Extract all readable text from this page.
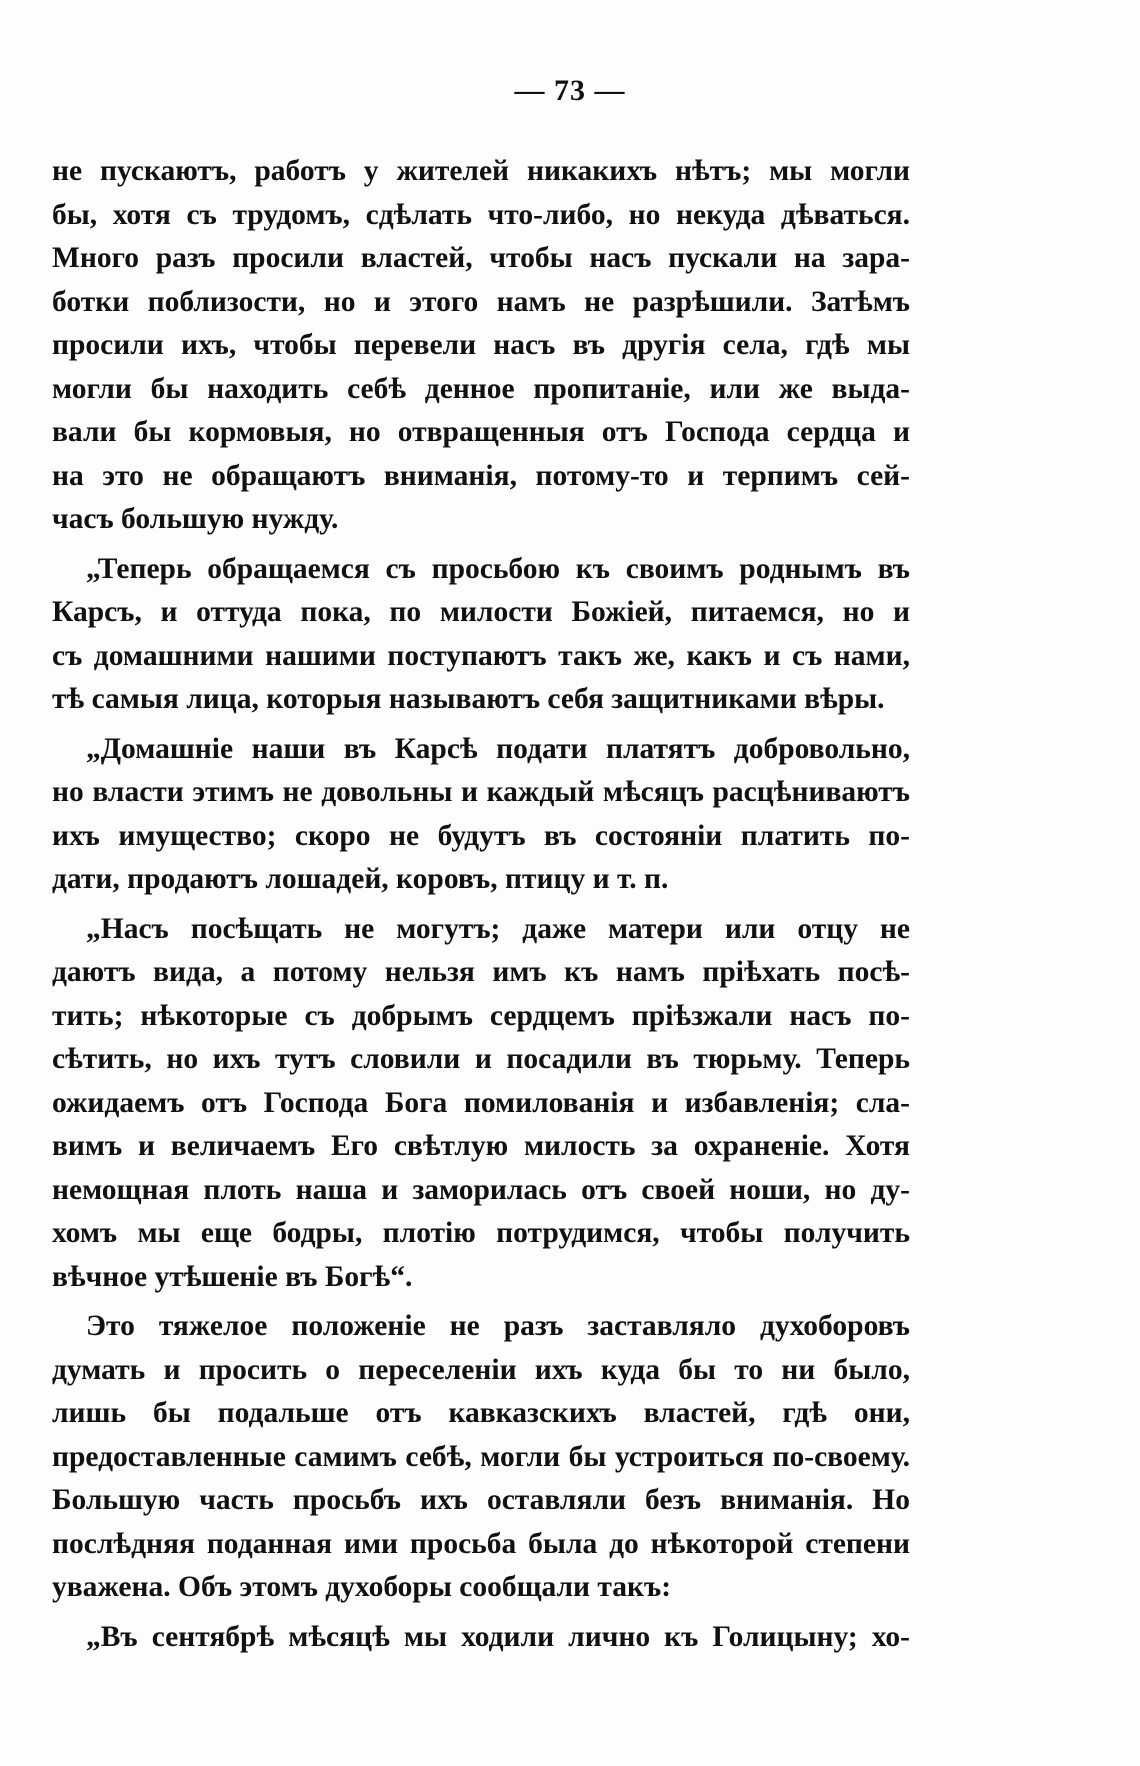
— 73 —
не пускаютъ, работъ у жителей никакихъ нѣтъ; мы могли
бы, хотя съ трудомъ, сдѣлать что-либо, но некуда дѣваться.
Много разъ просили властей, чтобы насъ пускали на зара-
ботки поблизости, но и этого намъ не разрѣшили. Затѣмъ
просили ихъ, чтобы перевели насъ въ другія села, гдѣ мы
могли бы находить себѣ денное пропитаніе, или же выда-
вали бы кормовыя, но отвращенныя отъ Господа сердца и
на это не обращаютъ вниманія, потому-то и терпимъ сей-
часъ большую нужду.
„Теперь обращаемся съ просьбою къ своимъ роднымъ въ
Карсъ, и оттуда пока, по милости Божіей, питаемся, но и
съ домашними нашими поступаютъ такъ же, какъ и съ нами,
тѣ самыя лица, которыя называютъ себя защитниками вѣры.
„Домашніе наши въ Карсѣ подати платятъ добровольно,
но власти этимъ не довольны и каждый мѣсяцъ расцѣниваютъ
ихъ имущество; скоро не будутъ въ состояніи платить по-
дати, продаютъ лошадей, коровъ, птицу и т. п.
„Насъ посѣщать не могутъ; даже матери или отцу не
даютъ вида, а потому нельзя имъ къ намъ пріѣхать посѣ-
тить; нѣкоторые съ добрымъ сердцемъ пріѣзжали насъ по-
сѣтить, но ихъ тутъ словили и посадили въ тюрьму. Теперь
ожидаемъ отъ Господа Бога помилованія и избавленія; сла-
вимъ и величаемъ Его свѣтлую милость за охраненіе. Хотя
немощная плоть наша и заморилась отъ своей ноши, но ду-
хомъ мы еще бодры, плотію потрудимся, чтобы получить
вѣчное утѣшеніе въ Богѣ“.
Это тяжелое положеніе не разъ заставляло духоборовъ
думать и просить о переселеніи ихъ куда бы то ни было,
лишь бы подальше отъ кавказскихъ властей, гдѣ они,
предоставленные самимъ себѣ, могли бы устроиться по-своему.
Большую часть просьбъ ихъ оставляли безъ вниманія. Но
послѣдняя поданная ими просьба была до нѣкоторой степени
уважена. Объ этомъ духоборы сообщали такъ:
„Въ сентябрѣ мѣсяцѣ мы ходили лично къ Голицыну; хо-
